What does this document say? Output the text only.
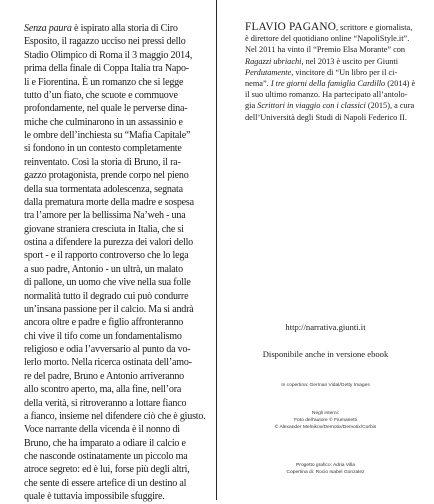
Senza paura è ispirato alla storia di Ciro
Esposito, il ragazzo ucciso nei pressi dello
Stadio Olimpico di Roma il 3 maggio 2014,
prima della finale di Coppa Italia tra Napo-
li e Fiorentina. È un romanzo che si legge
tutto d’un fiato, che scuote e commuove
profondamente, nel quale le perverse dina-
miche che culminarono in un assassinio e
le ombre dell’inchiesta su “Mafia Capitale”
si fondono in un contesto completamente
reinventato. Così la storia di Bruno, il ra-
gazzo protagonista, prende corpo nel pieno
della sua tormentata adolescenza, segnata
dalla prematura morte della madre e sospesa
tra l’amore per la bellissima Na’weh - una
giovane straniera cresciuta in Italia, che si
ostina a difendere la purezza dei valori dello
sport - e il rapporto controverso che lo lega
a suo padre, Antonio - un ultrà, un malato
di pallone, un uomo che vive nella sua folle
normalità tutto il degrado cui può condurre
un’insana passione per il calcio. Ma si andrà
ancora oltre e padre e figlio affronteranno
chi vive il tifo come un fondamentalismo
religioso e odia l’avversario al punto da vo-
lerlo morto. Nella ricerca ostinata dell’amo-
re del padre, Bruno e Antonio arriveranno
allo scontro aperto, ma, alla fine, nell’ora
della verità, si ritroveranno a lottare fianco
a fianco, insieme nel difendere ciò che è giusto.
Voce narrante della vicenda è il nonno di
Bruno, che ha imparato a odiare il calcio e
che nasconde ostinatamente un piccolo ma
atroce segreto: ed è lui, forse più degli altri,
che sente di essere artefice di un destino al
quale è tuttavia impossibile sfuggire.

FLAVIO PAGANO, scrittore e giornalista,
è direttore del quotidiano online “NapoliStyle.it”.
Nel 2011 ha vinto il “Premio Elsa Morante” con
Ragazzi ubriachi, nel 2013 è uscito per Giunti
Perdutamente, vincitore di “Un libro per il ci-
nema”. I tre giorni della famiglia Cardillo (2014) è
il suo ultimo romanzo. Ha partecipato all’antolo-
gia Scrittori in viaggio con i classici (2015), a cura
dell’Università degli Studi di Napoli Federico II.

http://narrativa.giunti.it
Disponibile anche in versione ebook
In copertina: German Vidal/Getty Images
Negli interni:
Foto dell’autore © Fiumanetti
© Alexander Melnikov/Demotix/Demotix/Corbis
Progetto grafico: Adria Villa
Copertina di: Rocio Isabel Gonzalez
